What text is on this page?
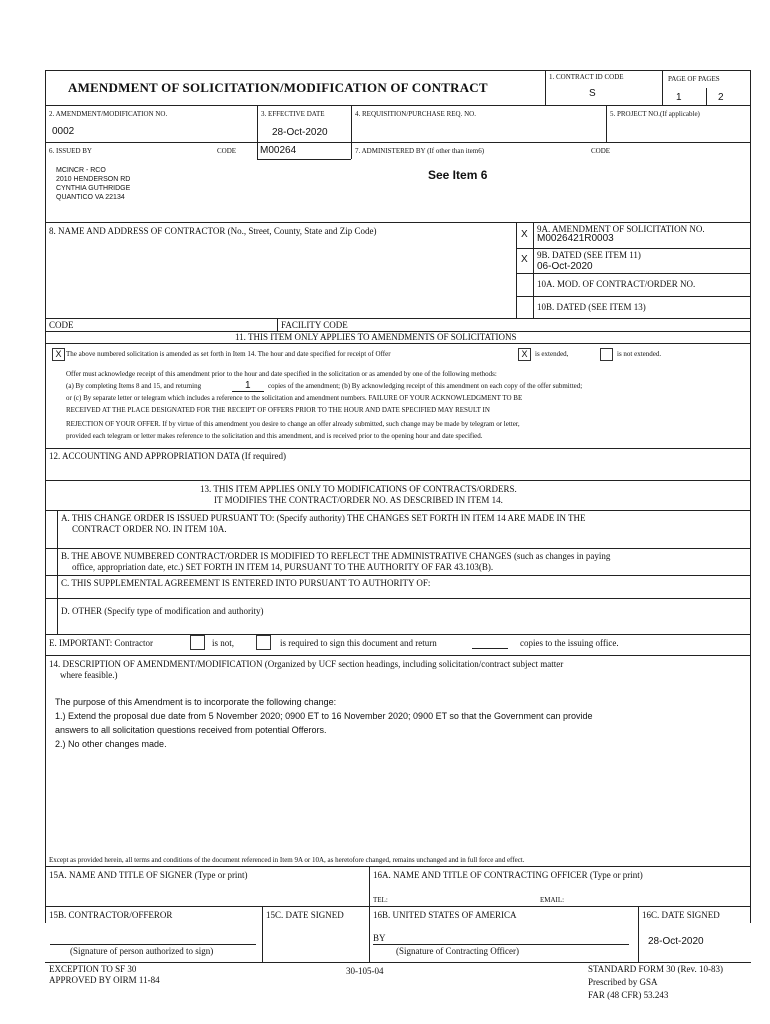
AMENDMENT OF SOLICITATION/MODIFICATION OF CONTRACT
1. CONTRACT ID CODE
S
PAGE OF PAGES
1	2
2. AMENDMENT/MODIFICATION NO.
0002
3. EFFECTIVE DATE
28-Oct-2020
4. REQUISITION/PURCHASE REQ. NO.	5. PROJECT NO.(If applicable)
6. ISSUED BY	CODE M00264	7. ADMINISTERED BY (If other than item6)	CODE
MCINCR - RCO
2010 HENDERSON RD
CYNTHIA GUTHRIDGE
QUANTICO VA 22134
See Item 6
8. NAME AND ADDRESS OF CONTRACTOR (No., Street, County, State and Zip Code)	X 9A. AMENDMENT OF SOLICITATION NO.
M0026421R0003
X 9B. DATED (SEE ITEM 11)
06-Oct-2020
10A. MOD. OF CONTRACT/ORDER NO.
10B. DATED (SEE ITEM 13)
CODE	FACILITY CODE
11. THIS ITEM ONLY APPLIES TO AMENDMENTS OF SOLICITATIONS
X The above numbered solicitation is amended as set forth in Item 14. The hour and date specified for receipt of Offer	X	is extended,	is not extended.
Offer must acknowledge receipt of this amendment prior to the hour and date specified in the solicitation or as amended by one of the following methods:
(a) By completing Items 8 and 15, and returning	1 copies of the amendment; (b) By acknowledging receipt of this amendment on each copy of the offer submitted;
or (c) By separate letter or telegram which includes a reference to the solicitation and amendment numbers. FAILURE OF YOUR ACKNOWLEDGMENT TO BE
RECEIVED AT THE PLACE DESIGNATED FOR THE RECEIPT OF OFFERS PRIOR TO THE HOUR AND DATE SPECIFIED MAY RESULT IN
REJECTION OF YOUR OFFER. If by virtue of this amendment you desire to change an offer already submitted, such change may be made by telegram or letter,
provided each telegram or letter makes reference to the solicitation and this amendment, and is received prior to the opening hour and date specified.
12. ACCOUNTING AND APPROPRIATION DATA (If required)
13. THIS ITEM APPLIES ONLY TO MODIFICATIONS OF CONTRACTS/ORDERS.
IT MODIFIES THE CONTRACT/ORDER NO. AS DESCRIBED IN ITEM 14.
A. THIS CHANGE ORDER IS ISSUED PURSUANT TO: (Specify authority) THE CHANGES SET FORTH IN ITEM 14 ARE MADE IN THE
CONTRACT ORDER NO. IN ITEM 10A.
B. THE ABOVE NUMBERED CONTRACT/ORDER IS MODIFIED TO REFLECT THE ADMINISTRATIVE CHANGES (such as changes in paying
office, appropriation date, etc.) SET FORTH IN ITEM 14, PURSUANT TO THE AUTHORITY OF FAR 43.103(B).
C. THIS SUPPLEMENTAL AGREEMENT IS ENTERED INTO PURSUANT TO AUTHORITY OF:
D. OTHER (Specify type of modification and authority)
E. IMPORTANT: Contractor	is not,	is required to sign this document and return	copies to the issuing office.
14. DESCRIPTION OF AMENDMENT/MODIFICATION (Organized by UCF section headings, including solicitation/contract subject matter
where feasible.)
The purpose of this Amendment is to incorporate the following change:
1.) Extend the proposal due date from 5 November 2020; 0900 ET to 16 November 2020; 0900 ET so that the Government can provide
answers to all solicitation questions received from potential Offerors.
2.) No other changes made.
Except as provided herein, all terms and conditions of the document referenced in Item 9A or 10A, as heretofore changed, remains unchanged and in full force and effect.
15A. NAME AND TITLE OF SIGNER (Type or print)	16A. NAME AND TITLE OF CONTRACTING OFFICER (Type or print)
TEL:	EMAIL:
15B. CONTRACTOR/OFFEROR	15C. DATE SIGNED	16B. UNITED STATES OF AMERICA	16C. DATE SIGNED
(Signature of person authorized to sign)
BY
(Signature of Contracting Officer)
28-Oct-2020
EXCEPTION TO SF 30
APPROVED BY OIRM 11-84
30-105-04	STANDARD FORM 30 (Rev. 10-83)
Prescribed by GSA
FAR (48 CFR) 53.243
